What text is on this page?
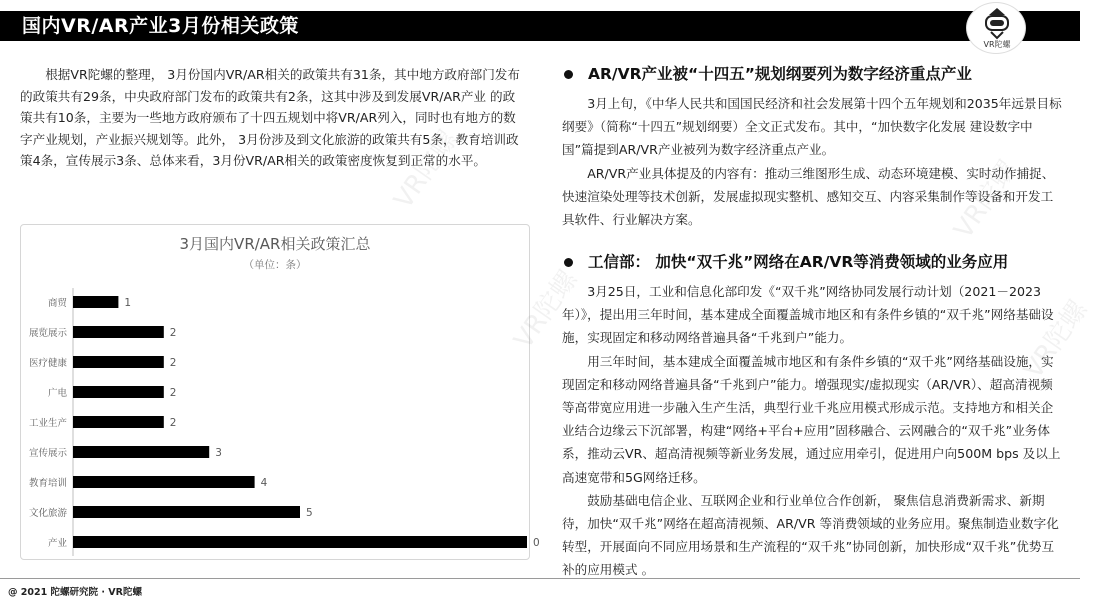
国内VR/AR产业3月份相关政策
VR陀螺
根据VR陀螺的整理， 3月份国内VR/AR相关的政策共有31条，其中地方政府部门发布 的政策共有29条，中央政府部门发布的政策共有2条，这其中涉及到发展VR/AR产业 的政策共有10条，主要为一些地方政府颁布了十四五规划中将VR/AR列入，同时也有地方的数字产业规划，产业振兴规划等。此外， 3月份涉及到文化旅游的政策共有5条，教育培训政策4条，宣传展示3条、总体来看，3月份VR/AR相关的政策密度恢复到正常的水平。
3月国内VR/AR相关政策汇总
（单位：条）
商贸	1
展览展示	2
医疗健康	2
广电	2
工业生产	2
宣传展示	3
教育培训	4
文化旅游	5
产业	0
AR/VR产业被“十四五”规划纲要列为数字经济重点产业

3月上旬，《中华人民共和国国民经济和社会发展第十四个五年规划和2035年远景目标纲要》（简称“十四五”规划纲要）全文正式发布。其中，“加快数字化发展 建设数字中国”篇提到AR/VR产业被列为数字经济重点产业。

AR/VR产业具体提及的内容有：推动三维图形生成、动态环境建模、实时动作捕捉、快速渲染处理等技术创新，发展虚拟现实整机、感知交互、内容采集制作等设备和开发工具软件、行业解决方案。

工信部： 加快“双千兆”网络在AR/VR等消费领域的业务应用

3月25日，工业和信息化部印发《“双千兆”网络协同发展行动计划（2021－2023年）》，提出用三年时间，基本建成全面覆盖城市地区和有条件乡镇的“双千兆”网络基础设施，实现固定和移动网络普遍具备“千兆到户”能力。

用三年时间，基本建成全面覆盖城市地区和有条件乡镇的“双千兆”网络基础设施，实现固定和移动网络普遍具备“千兆到户”能力。增强现实/虚拟现实（AR/VR）、超高清视频等高带宽应用进一步融入生产生活，典型行业千兆应用模式形成示范。支持地方和相关企业结合边缘云下沉部署，构建“网络+平台+应用”固移融合、云网融合的“双千兆”业务体系，推动云VR、超高清视频等新业务发展，通过应用牵引，促进用户向500M bps 及以上高速宽带和5G网络迁移。

鼓励基础电信企业、互联网企业和行业单位合作创新， 聚焦信息消费新需求、新期待，加快“双千兆”网络在超高清视频、AR/VR 等消费领域的业务应用。聚焦制造业数字化转型，开展面向不同应用场景和生产流程的“双千兆”协同创新，加快形成“双千兆”优势互补的应用模式 。

VR陀螺	VR陀螺
VR陀螺	VR陀螺
@ 2021 陀螺研究院 · VR陀螺
